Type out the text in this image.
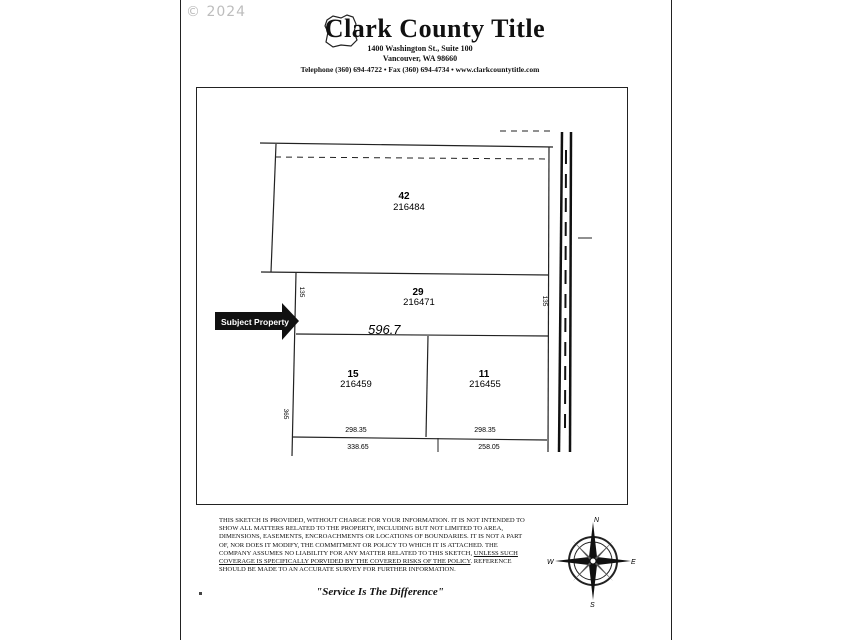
© 2024
Clark County Title
1400 Washington St., Suite 100
Vancouver, WA 98660
Telephone (360) 694-4722 • Fax (360) 694-4734 • www.clarkcountytitle.com
Subject Property	596.7
42
216484
29
216471
15
216459
11
216455
135
135
365
298.35	298.35
338.65	258.05
THIS SKETCH IS PROVIDED, WITHOUT CHARGE FOR YOUR INFORMATION. IT IS NOT INTENDED TO SHOW ALL MATTERS RELATED TO THE PROPERTY, INCLUDING BUT NOT LIMITED TO AREA, DIMENSIONS, EASEMENTS, ENCROACHMENTS OR LOCATIONS OF BOUNDARIES. IT IS NOT A PART OF, NOR DOES IT MODIFY, THE COMMITMENT OR POLICY TO WHICH IT IS ATTACHED. THE COMPANY ASSUMES NO LIABILITY FOR ANY MATTER RELATED TO THIS SKETCH, UNLESS SUCH COVERAGE IS SPECIFICALLY PORVIDED BY THE COVERED RISKS OF THE POLICY. REFERENCE SHOULD BE MADE TO AN ACCURATE SURVEY FOR FURTHER INFORMATION.
"Service Is The Difference"
N
S
E
W
